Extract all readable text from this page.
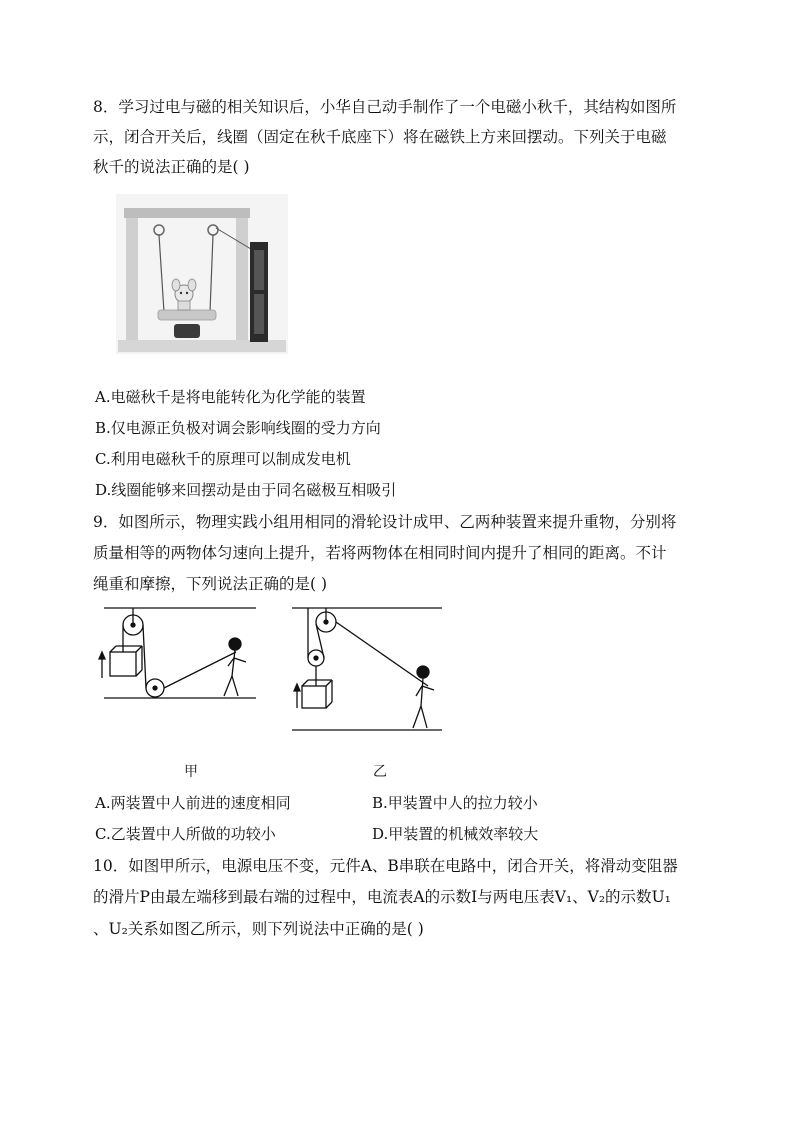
8．学习过电与磁的相关知识后，小华自己动手制作了一个电磁小秋千，其结构如图所
示，闭合开关后，线圈（固定在秋千底座下）将在磁铁上方来回摆动。下列关于电磁
秋千的说法正确的是( )
A.电磁秋千是将电能转化为化学能的装置
B.仅电源正负极对调会影响线圈的受力方向
C.利用电磁秋千的原理可以制成发电机
D.线圈能够来回摆动是由于同名磁极互相吸引
9．如图所示，物理实践小组用相同的滑轮设计成甲、乙两种装置来提升重物，分别将
质量相等的两物体匀速向上提升，若将两物体在相同时间内提升了相同的距离。不计
绳重和摩擦，下列说法正确的是( )
甲	乙
A.两装置中人前进的速度相同	B.甲装置中人的拉力较小
C.乙装置中人所做的功较小	D.甲装置的机械效率较大
10．如图甲所示，电源电压不变，元件A、B串联在电路中，闭合开关，将滑动变阻器
的滑片P由最左端移到最右端的过程中，电流表A的示数I与两电压表V₁、V₂的示数U₁
、U₂关系如图乙所示，则下列说法中正确的是( )
